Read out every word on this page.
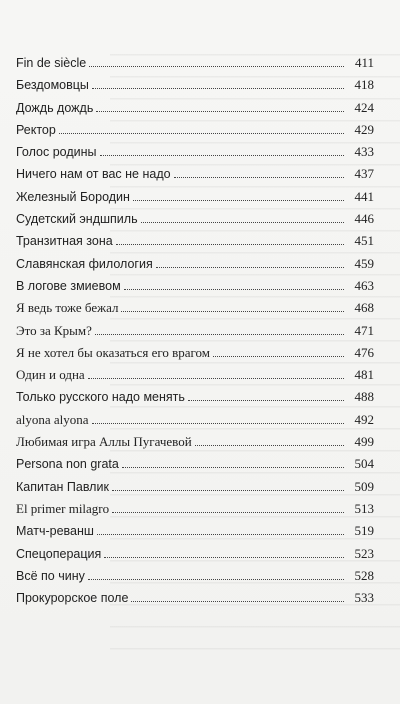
Fin de siècle	411
Бездомовцы	418
Дождь дождь	424
Ректор	429
Голос родины	433
Ничего нам от вас не надо	437
Железный Бородин	441
Судетский эндшпиль	446
Транзитная зона	451
Славянская филология	459
В логове змиевом	463
Я ведь тоже бежал	468
Это за Крым?	471
Я не хотел бы оказаться его врагом	476
Один и одна	481
Только русского надо менять	488
alyona alyona	492
Любимая игра Аллы Пугачевой	499
Persona non grata	504
Капитан Павлик	509
El primer milagro	513
Матч-реванш	519
Спецоперация	523
Всё по чину	528
Прокурорское поле	533
